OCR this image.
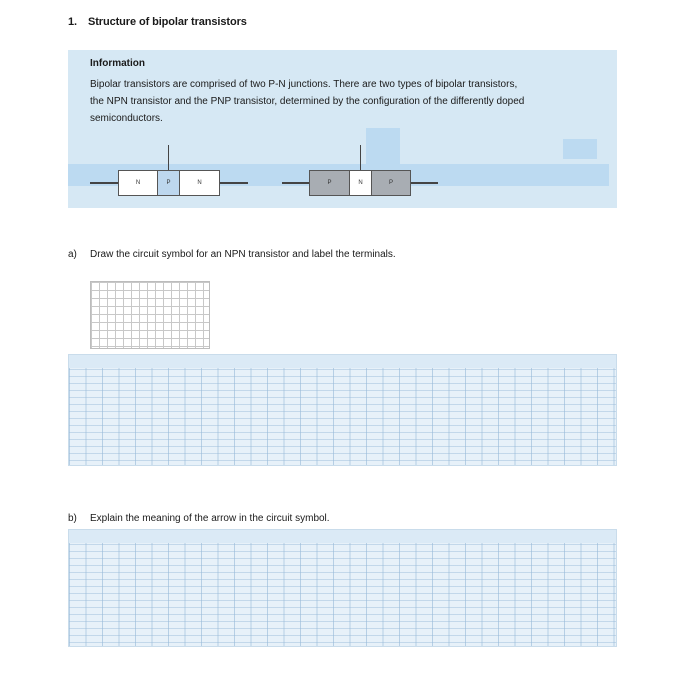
1. Structure of bipolar transistors
Information
Bipolar transistors are comprised of two P-N junctions. There are two types of bipolar transistors,
the NPN transistor and the PNP transistor, determined by the configuration of the differently doped
semiconductors.
N	P	N	P	N	P
a) Draw the circuit symbol for an NPN transistor and label the terminals.
b) Explain the meaning of the arrow in the circuit symbol.
